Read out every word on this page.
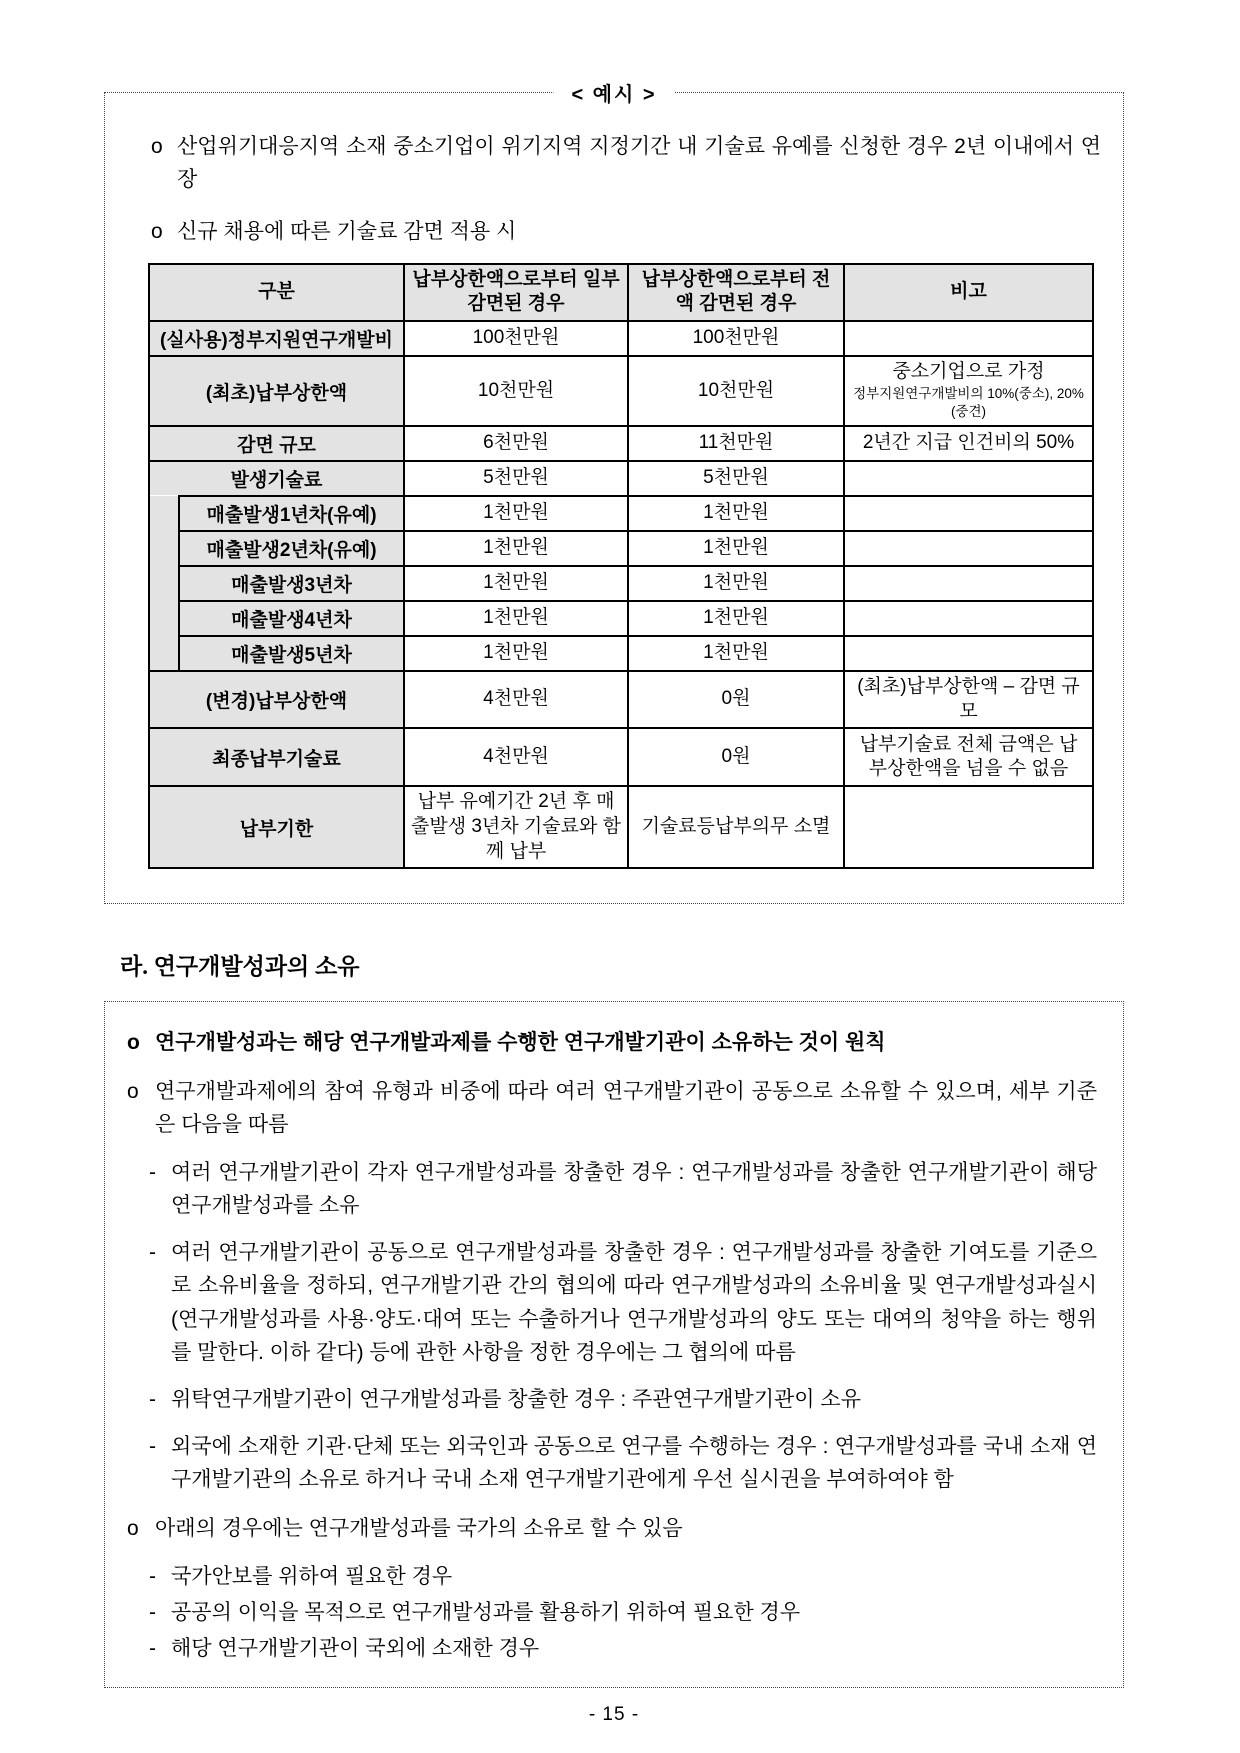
< 예시 >

o 산업위기대응지역 소재 중소기업이 위기지역 지정기간 내 기술료 유예를 신청한 경우 2년 이내에서 연장

o 신규 채용에 따른 기술료 감면 적용 시

구분		납부상한액으로부터 일부 감면된 경우	납부상한액으로부터 전액 감면된 경우	비고
(실사용)정부지원연구개발비		100천만원	100천만원	
(최초)납부상한액		10천만원	10천만원	중소기업으로 가정
정부지원연구개발비의 10%(중소), 20%(중견)

감면 규모		6천만원	11천만원	2년간 지급 인건비의 50%
발생기술료		5천만원	5천만원	
	매출발생1년차(유예)	1천만원	1천만원	
	매출발생2년차(유예)	1천만원	1천만원	
	매출발생3년차	1천만원	1천만원	
	매출발생4년차	1천만원	1천만원	
	매출발생5년차	1천만원	1천만원	
(변경)납부상한액		4천만원	0원	(최초)납부상한액 – 감면 규모
최종납부기술료		4천만원	0원	납부기술료 전체 금액은 납부상한액을 넘을 수 없음
납부기한		납부 유예기간 2년 후 매출발생 3년차 기술료와 함께 납부	기술료등납부의무 소멸	
라. 연구개발성과의 소유

o 연구개발성과는 해당 연구개발과제를 수행한 연구개발기관이 소유하는 것이 원칙

o 연구개발과제에의 참여 유형과 비중에 따라 여러 연구개발기관이 공동으로 소유할 수 있으며, 세부 기준은 다음을 따름

- 여러 연구개발기관이 각자 연구개발성과를 창출한 경우 : 연구개발성과를 창출한 연구개발기관이 해당 연구개발성과를 소유

- 여러 연구개발기관이 공동으로 연구개발성과를 창출한 경우 : 연구개발성과를 창출한 기여도를 기준으로 소유비율을 정하되, 연구개발기관 간의 협의에 따라 연구개발성과의 소유비율 및 연구개발성과실시(연구개발성과를 사용·양도·대여 또는 수출하거나 연구개발성과의 양도 또는 대여의 청약을 하는 행위를 말한다. 이하 같다) 등에 관한 사항을 정한 경우에는 그 협의에 따름

- 위탁연구개발기관이 연구개발성과를 창출한 경우 : 주관연구개발기관이 소유

- 외국에 소재한 기관·단체 또는 외국인과 공동으로 연구를 수행하는 경우 : 연구개발성과를 국내 소재 연구개발기관의 소유로 하거나 국내 소재 연구개발기관에게 우선 실시권을 부여하여야 함

o 아래의 경우에는 연구개발성과를 국가의 소유로 할 수 있음

- 국가안보를 위하여 필요한 경우

- 공공의 이익을 목적으로 연구개발성과를 활용하기 위하여 필요한 경우

- 해당 연구개발기관이 국외에 소재한 경우

- 15 -
